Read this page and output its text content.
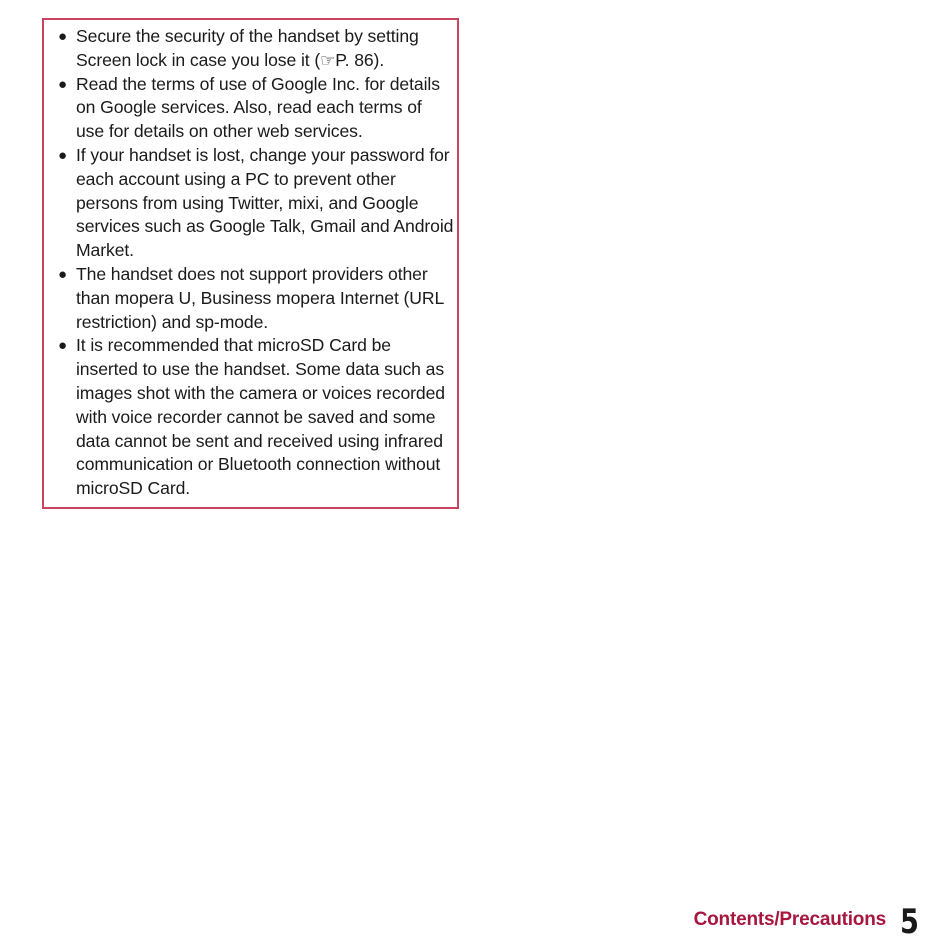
● Secure the security of the handset by setting Screen lock in case you lose it (☞P. 86).
● Read the terms of use of Google Inc. for details on Google services. Also, read each terms of use for details on other web services.
● If your handset is lost, change your password for each account using a PC to prevent other persons from using Twitter, mixi, and Google services such as Google Talk, Gmail and Android Market.
● The handset does not support providers other than mopera U, Business mopera Internet (URL restriction) and sp-mode.
● It is recommended that microSD Card be inserted to use the handset. Some data such as images shot with the camera or voices recorded with voice recorder cannot be saved and some data cannot be sent and received using infrared communication or Bluetooth connection without microSD Card.
Contents/Precautions 5
